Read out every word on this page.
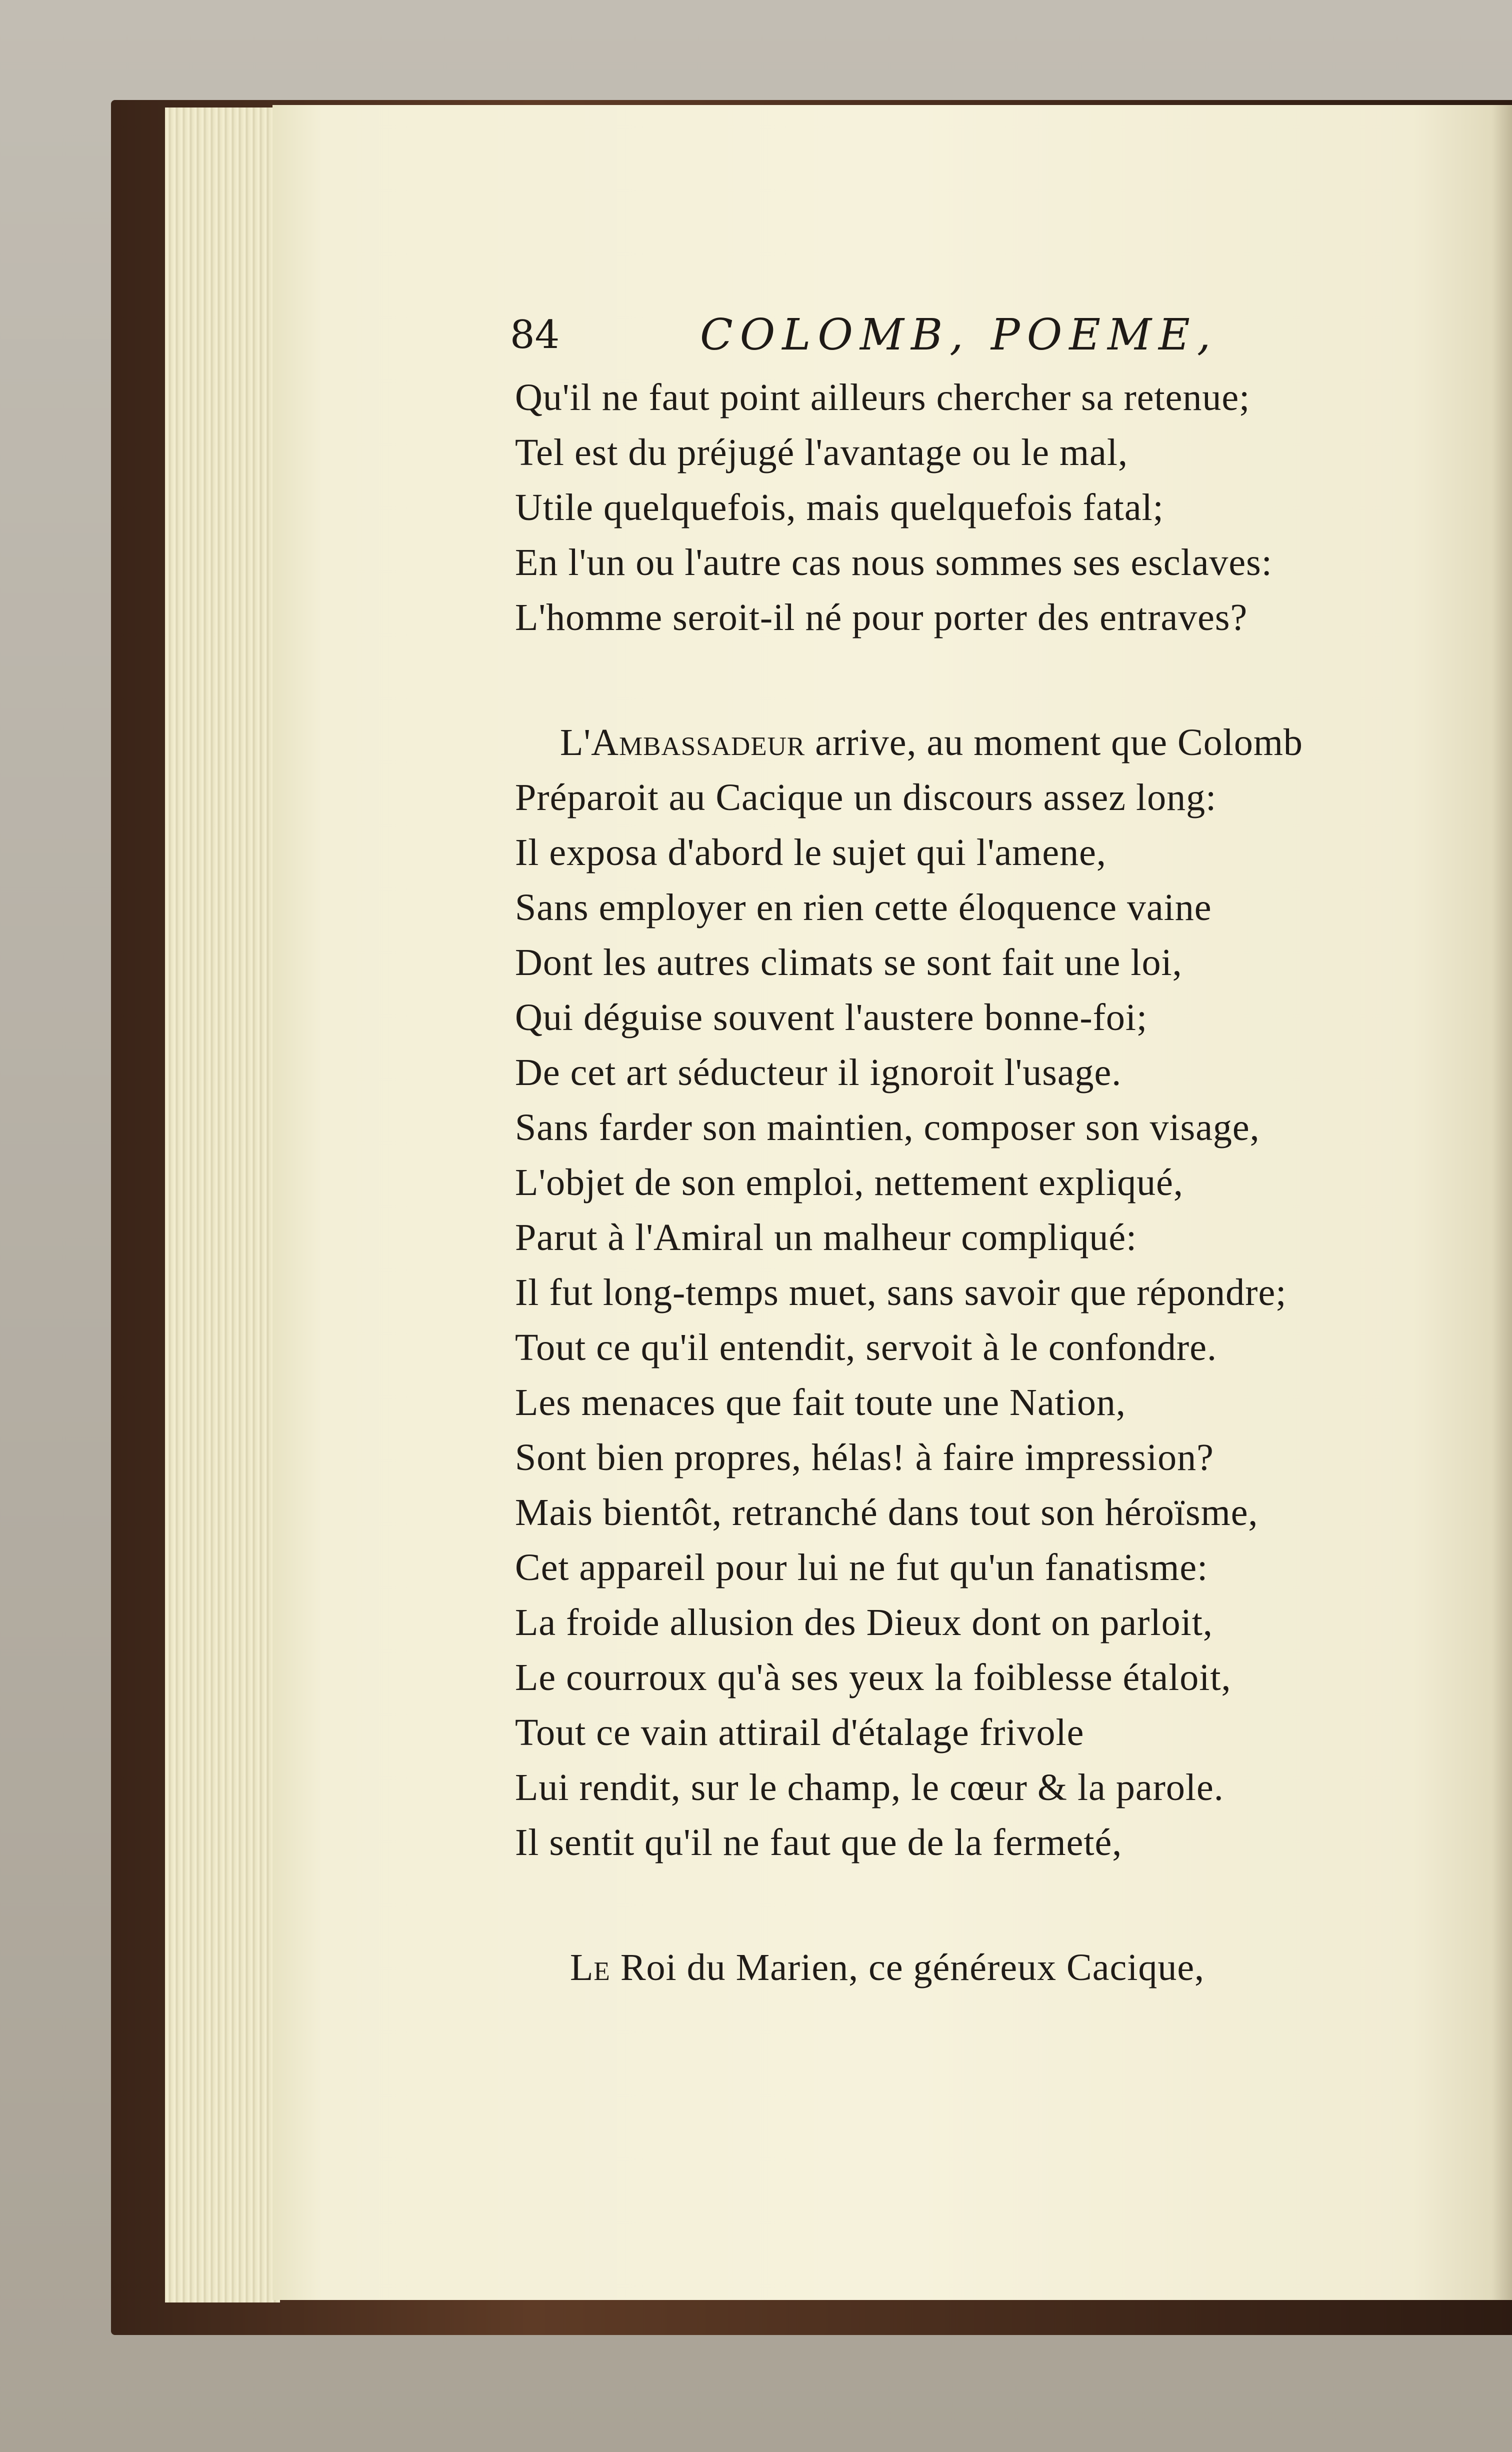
84	COLOMB, POEME,
Qu'il ne faut point ailleurs chercher sa retenue;
Tel est du préjugé l'avantage ou le mal,
Utile quelquefois, mais quelquefois fatal;
En l'un ou l'autre cas nous sommes ses esclaves:
L'homme seroit-il né pour porter des entraves?
L'Ambassadeur arrive, au moment que Colomb
Préparoit au Cacique un discours assez long:
Il exposa d'abord le sujet qui l'amene,
Sans employer en rien cette éloquence vaine
Dont les autres climats se sont fait une loi,
Qui déguise souvent l'austere bonne-foi;
De cet art séducteur il ignoroit l'usage.
Sans farder son maintien, composer son visage,
L'objet de son emploi, nettement expliqué,
Parut à l'Amiral un malheur compliqué:
Il fut long-temps muet, sans savoir que répondre;
Tout ce qu'il entendit, servoit à le confondre.
Les menaces que fait toute une Nation,
Sont bien propres, hélas! à faire impression?
Mais bientôt, retranché dans tout son héroïsme,
Cet appareil pour lui ne fut qu'un fanatisme:
La froide allusion des Dieux dont on parloit,
Le courroux qu'à ses yeux la foiblesse étaloit,
Tout ce vain attirail d'étalage frivole
Lui rendit, sur le champ, le cœur & la parole.
Il sentit qu'il ne faut que de la fermeté,
Le Roi du Marien, ce généreux Cacique,
